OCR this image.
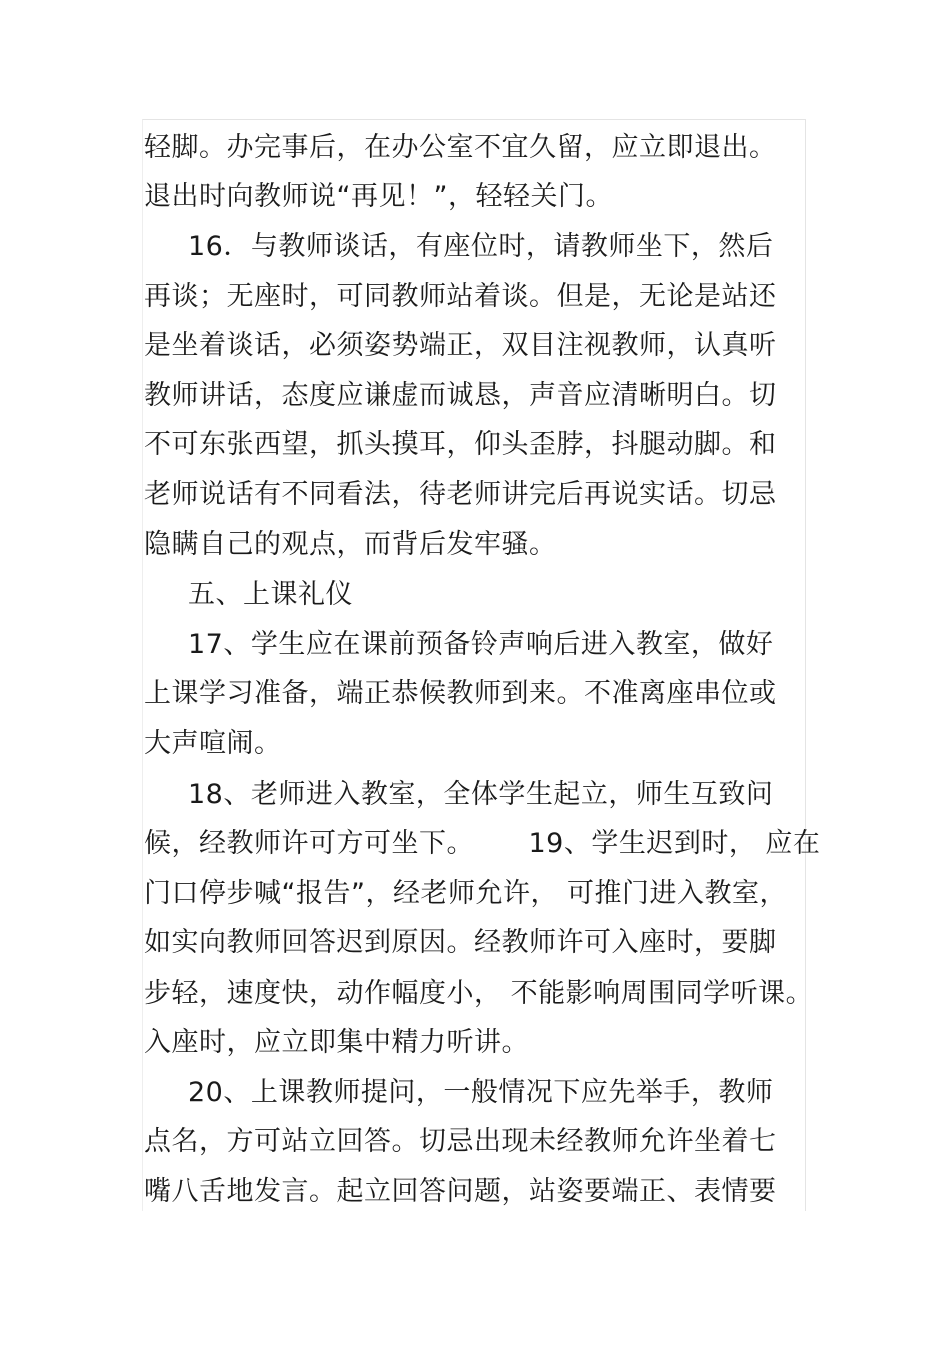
轻脚。办完事后，在办公室不宜久留，应立即退出。
退出时向教师说“再见！”，轻轻关门。
16．与教师谈话，有座位时，请教师坐下，然后
再谈；无座时，可同教师站着谈。但是，无论是站还
是坐着谈话，必须姿势端正，双目注视教师，认真听
教师讲话，态度应谦虚而诚恳，声音应清晰明白。切
不可东张西望，抓头摸耳，仰头歪脖，抖腿动脚。和
老师说话有不同看法，待老师讲完后再说实话。切忌
隐瞒自己的观点，而背后发牢骚。
五、上课礼仪
17、学生应在课前预备铃声响后进入教室，做好
上课学习准备，端正恭候教师到来。不准离座串位或
大声喧闹。
18、老师进入教室，全体学生起立，师生互致问
候，经教师许可方可坐下。      19、学生迟到时， 应在
门口停步喊“报告”，经老师允许， 可推门进入教室，
如实向教师回答迟到原因。经教师许可入座时，要脚
步轻，速度快，动作幅度小， 不能影响周围同学听课。
入座时，应立即集中精力听讲。
20、上课教师提问，一般情况下应先举手，教师
点名，方可站立回答。切忌出现未经教师允许坐着七
嘴八舌地发言。起立回答问题，站姿要端正、表情要
